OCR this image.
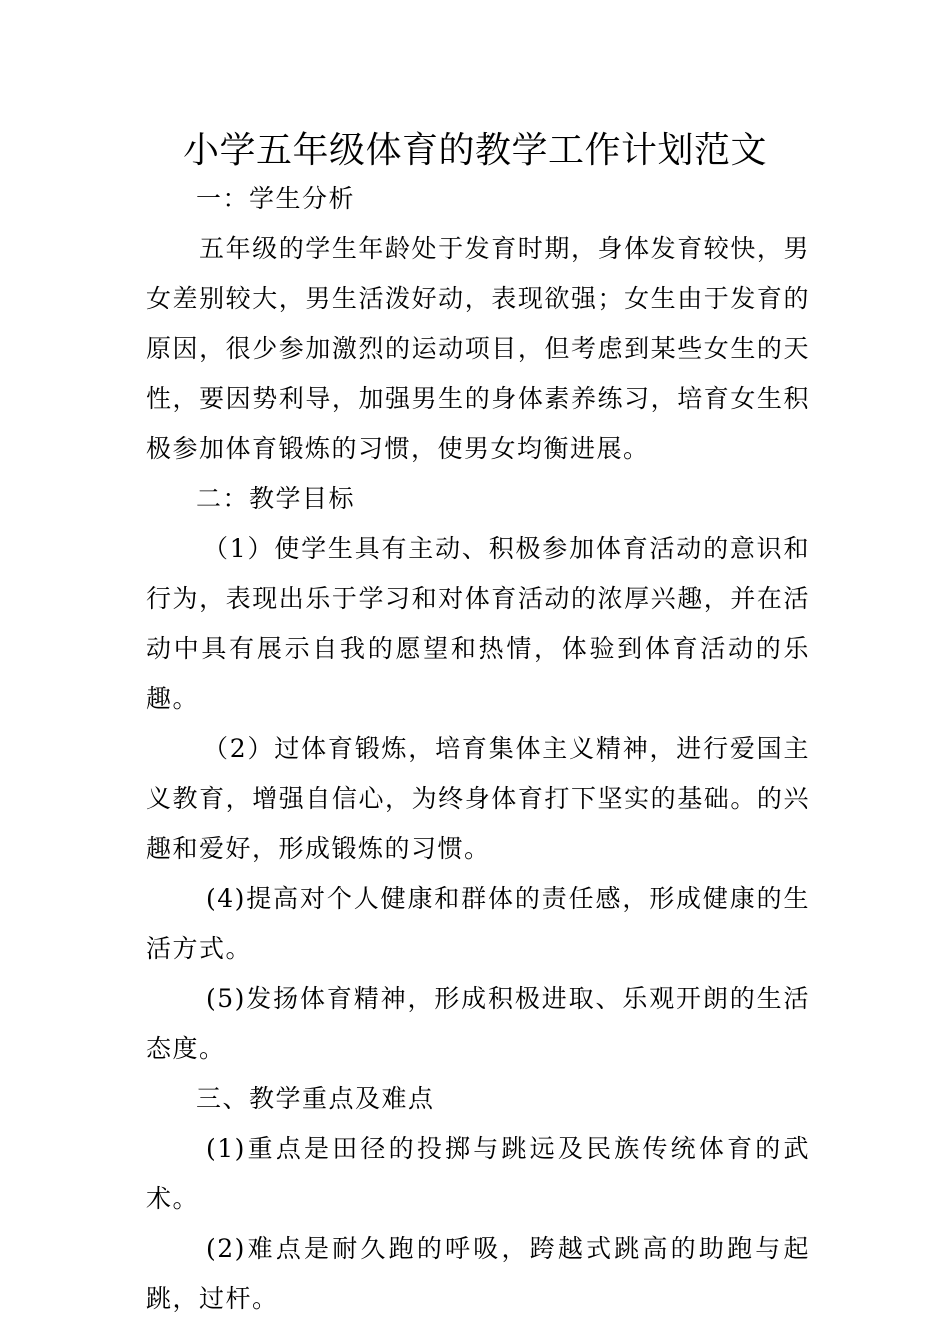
小学五年级体育的教学工作计划范文

一：学生分析

五年级的学生年龄处于发育时期，身体发育较快，男女差别较大，男生活泼好动，表现欲强；女生由于发育的原因，很少参加激烈的运动项目，但考虑到某些女生的天性，要因势利导，加强男生的身体素养练习，培育女生积极参加体育锻炼的习惯，使男女均衡进展。

二：教学目标

（1）使学生具有主动、积极参加体育活动的意识和行为，表现出乐于学习和对体育活动的浓厚兴趣，并在活动中具有展示自我的愿望和热情，体验到体育活动的乐趣。

（2）过体育锻炼，培育集体主义精神，进行爱国主义教育，增强自信心，为终身体育打下坚实的基础。的兴趣和爱好，形成锻炼的习惯。

(4)提高对个人健康和群体的责任感，形成健康的生活方式。

(5)发扬体育精神，形成积极进取、乐观开朗的生活态度。

三、教学重点及难点

(1)重点是田径的投掷与跳远及民族传统体育的武术。

(2)难点是耐久跑的呼吸，跨越式跳高的助跑与起跳，过杆。
